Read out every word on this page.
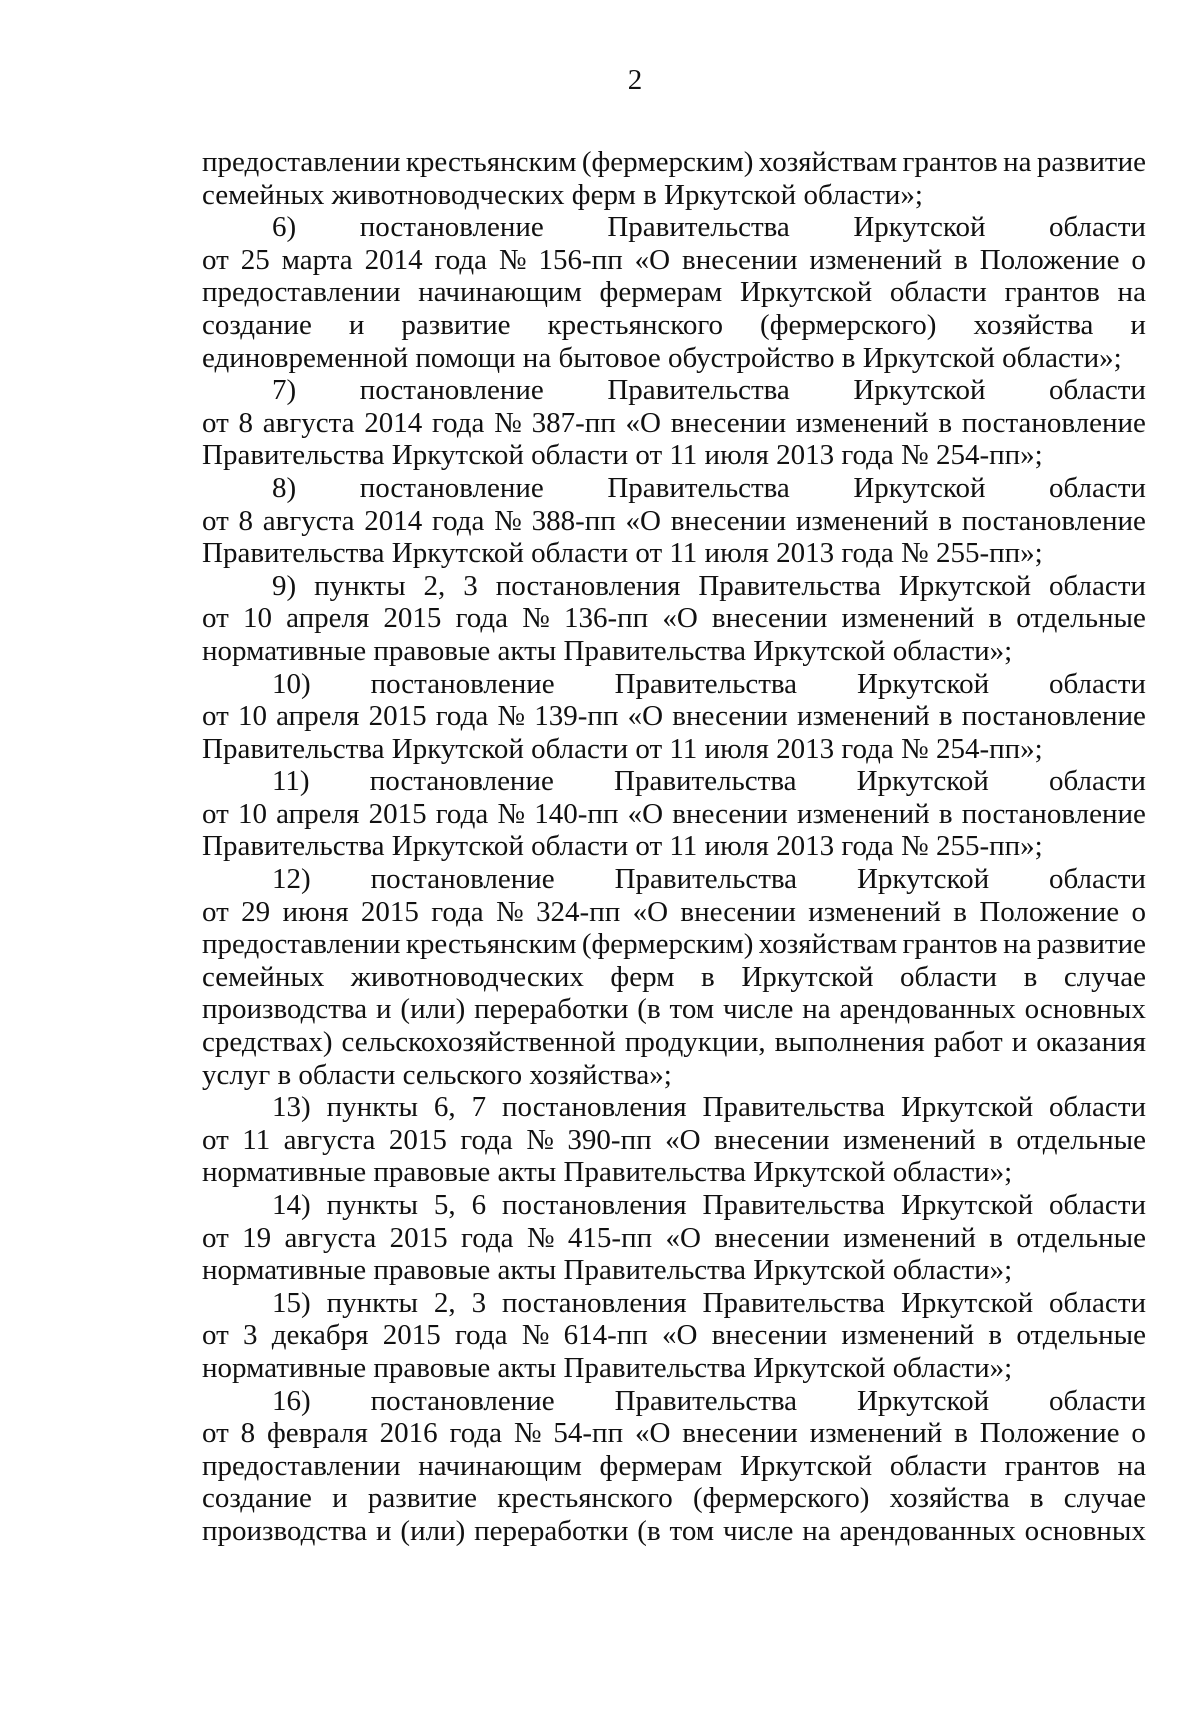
2
предоставлении крестьянским (фермерским) хозяйствам грантов на развитие
семейных животноводческих ферм в Иркутской области»;
6) постановление Правительства Иркутской области
от 25 марта 2014 года № 156-пп «О внесении изменений в Положение о
предоставлении начинающим фермерам Иркутской области грантов на
создание и развитие крестьянского (фермерского) хозяйства и
единовременной помощи на бытовое обустройство в Иркутской области»;
7) постановление Правительства Иркутской области
от 8 августа 2014 года № 387-пп «О внесении изменений в постановление
Правительства Иркутской области от 11 июля 2013 года № 254-пп»;
8) постановление Правительства Иркутской области
от 8 августа 2014 года № 388-пп «О внесении изменений в постановление
Правительства Иркутской области от 11 июля 2013 года № 255-пп»;
9) пункты 2, 3 постановления Правительства Иркутской области
от 10 апреля 2015 года № 136-пп «О внесении изменений в отдельные
нормативные правовые акты Правительства Иркутской области»;
10) постановление Правительства Иркутской области
от 10 апреля 2015 года № 139-пп «О внесении изменений в постановление
Правительства Иркутской области от 11 июля 2013 года № 254-пп»;
11) постановление Правительства Иркутской области
от 10 апреля 2015 года № 140-пп «О внесении изменений в постановление
Правительства Иркутской области от 11 июля 2013 года № 255-пп»;
12) постановление Правительства Иркутской области
от 29 июня 2015 года № 324-пп «О внесении изменений в Положение о
предоставлении крестьянским (фермерским) хозяйствам грантов на развитие
семейных животноводческих ферм в Иркутской области в случае
производства и (или) переработки (в том числе на арендованных основных
средствах) сельскохозяйственной продукции, выполнения работ и оказания
услуг в области сельского хозяйства»;
13) пункты 6, 7 постановления Правительства Иркутской области
от 11 августа 2015 года № 390-пп «О внесении изменений в отдельные
нормативные правовые акты Правительства Иркутской области»;
14) пункты 5, 6 постановления Правительства Иркутской области
от 19 августа 2015 года № 415-пп «О внесении изменений в отдельные
нормативные правовые акты Правительства Иркутской области»;
15) пункты 2, 3 постановления Правительства Иркутской области
от 3 декабря 2015 года № 614-пп «О внесении изменений в отдельные
нормативные правовые акты Правительства Иркутской области»;
16) постановление Правительства Иркутской области
от 8 февраля 2016 года № 54-пп «О внесении изменений в Положение о
предоставлении начинающим фермерам Иркутской области грантов на
создание и развитие крестьянского (фермерского) хозяйства в случае
производства и (или) переработки (в том числе на арендованных основных
